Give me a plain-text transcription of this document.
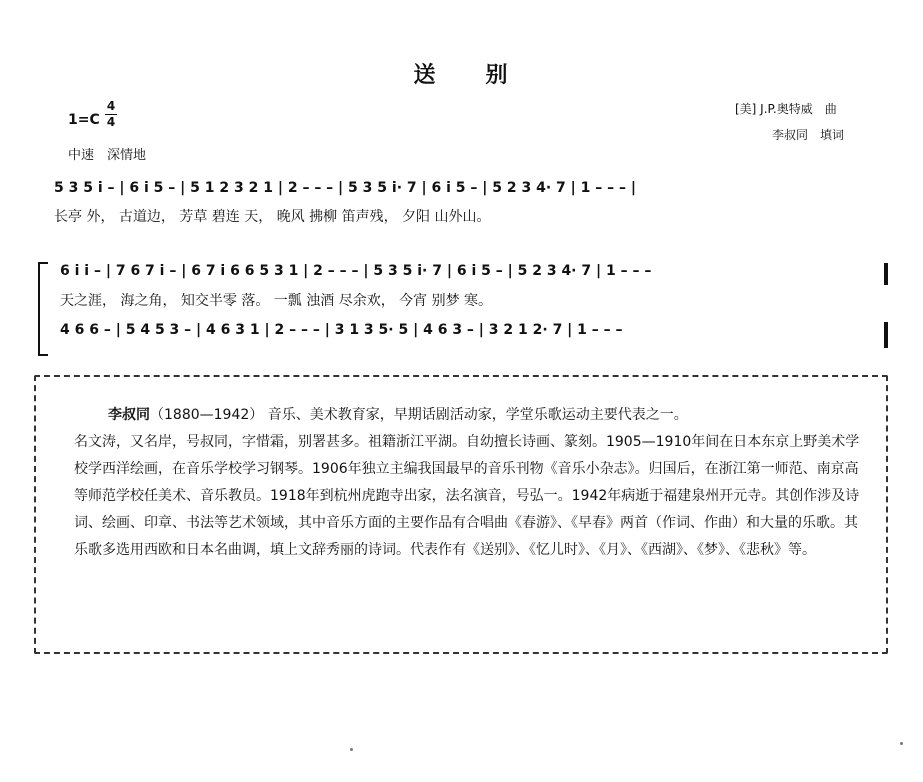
送　　别
1=C
4
4
中速　深情地
[美] J.P.奥特威　曲
李叔同　填词
5 3 5 i – | 6 i 5 – | 5 1 2 3 2 1 | 2 – – – | 5 3 5 i· 7 | 6 i 5 – | 5 2 3 4· 7 | 1 – – – |
长亭 外， 古道边， 芳草 碧连 天， 晚风 拂柳 笛声残， 夕阳 山外山。
6 i i – | 7 6 7 i – | 6 7 i 6 6 5 3 1 | 2 – – – | 5 3 5 i· 7 | 6 i 5 – | 5 2 3 4· 7 | 1 – – –
天之涯， 海之角， 知交半零 落。 一瓢 浊酒 尽余欢， 今宵 别梦 寒。
4 6 6 – | 5 4 5 3 – | 4 6 3 1 | 2 – – – | 3 1 3 5· 5 | 4 6 3 – | 3 2 1 2· 7 | 1 – – –
李叔同（1880—1942） 音乐、美术教育家，早期话剧活动家，学堂乐歌运动主要代表之一。
名文涛，又名岸，号叔同，字惜霜，别署甚多。祖籍浙江平湖。自幼擅长诗画、篆刻。1905—1910年间在日本东京上野美术学校学西洋绘画，在音乐学校学习钢琴。1906年独立主编我国最早的音乐刊物《音乐小杂志》。归国后，在浙江第一师范、南京高等师范学校任美术、音乐教员。1918年到杭州虎跑寺出家，法名演音，号弘一。1942年病逝于福建泉州开元寺。其创作涉及诗词、绘画、印章、书法等艺术领域，其中音乐方面的主要作品有合唱曲《春游》、《早春》两首（作词、作曲）和大量的乐歌。其乐歌多选用西欧和日本名曲调，填上文辞秀丽的诗词。代表作有《送别》、《忆儿时》、《月》、《西湖》、《梦》、《悲秋》等。
